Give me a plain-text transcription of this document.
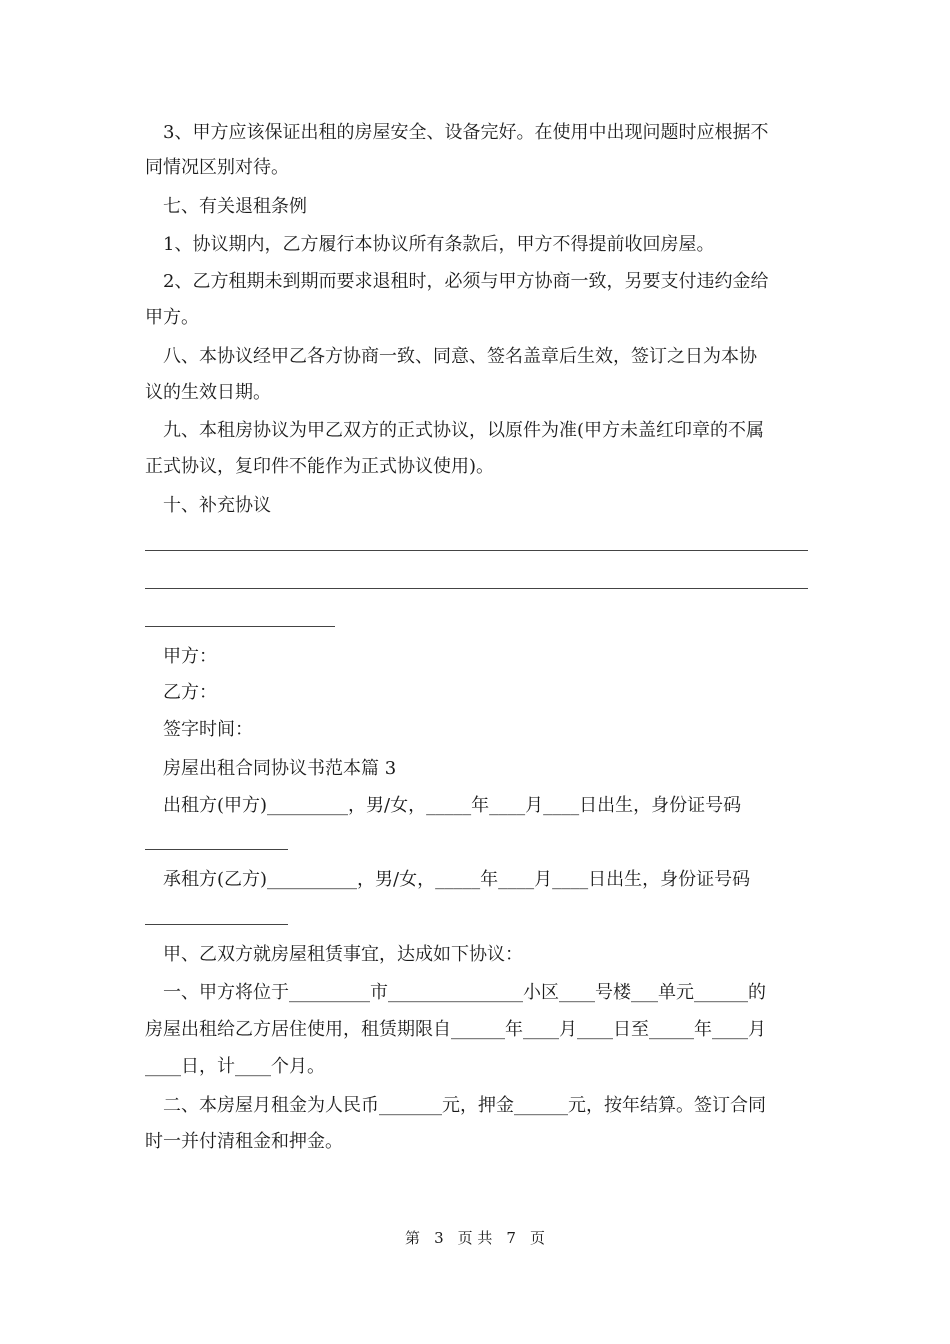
3、甲方应该保证出租的房屋安全、设备完好。在使用中出现问题时应根据不
同情况区别对待。
七、有关退租条例
1、协议期内，乙方履行本协议所有条款后，甲方不得提前收回房屋。
2、乙方租期未到期而要求退租时，必须与甲方协商一致，另要支付违约金给
甲方。
八、本协议经甲乙各方协商一致、同意、签名盖章后生效，签订之日为本协
议的生效日期。
九、本租房协议为甲乙双方的正式协议，以原件为准(甲方未盖红印章的不属
正式协议，复印件不能作为正式协议使用)。
十、补充协议
甲方：
乙方：
签字时间：
房屋出租合同协议书范本篇 3
出租方(甲方)_________，男/女，_____年____月____日出生，身份证号码
承租方(乙方)__________，男/女，_____年____月____日出生，身份证号码
甲、乙双方就房屋租赁事宜，达成如下协议：
一、甲方将位于_________市_______________小区____号楼___单元______的
房屋出租给乙方居住使用，租赁期限自______年____月____日至_____年____月
____日，计____个月。
二、本房屋月租金为人民币_______元，押金______元，按年结算。签订合同
时一并付清租金和押金。
第 3 页 共 7 页
